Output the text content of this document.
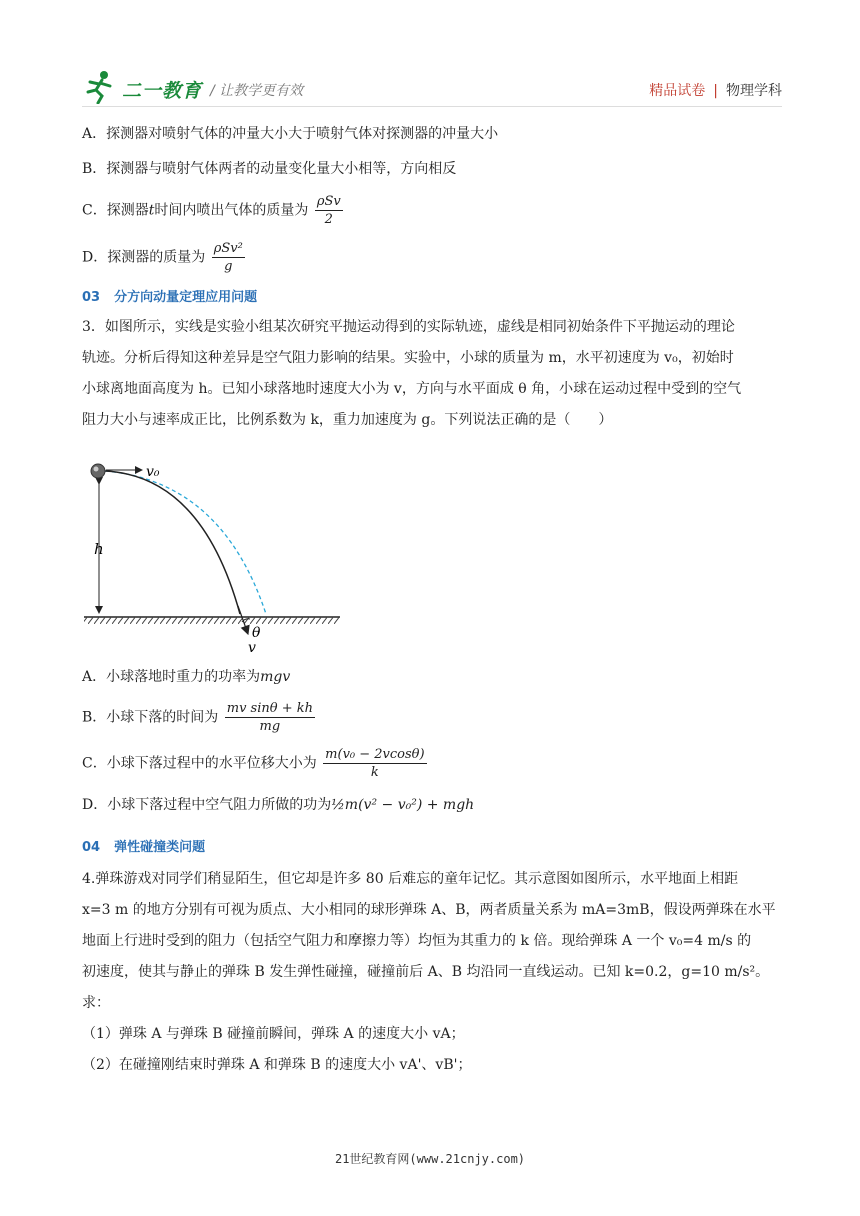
二一教育 / 让教学更有效	精品试卷 | 物理学科
A．探测器对喷射气体的冲量大小大于喷射气体对探测器的冲量大小
B．探测器与喷射气体两者的动量变化量大小相等，方向相反
C．探测器t时间内喷出气体的质量为 $\frac{\text{ρSv}}{2}$
D．探测器的质量为 $\frac{\text{ρSv²}}{g}$
03 分方向动量定理应用问题
3．如图所示，实线是实验小组某次研究平抛运动得到的实际轨迹，虚线是相同初始条件下平抛运动的理论
轨迹。分析后得知这种差异是空气阻力影响的结果。实验中，小球的质量为 m，水平初速度为 v₀，初始时
小球离地面高度为 h。已知小球落地时速度大小为 v，方向与水平面成 θ 角，小球在运动过程中受到的空气
阻力大小与速率成正比，比例系数为 k，重力加速度为 g。下列说法正确的是（　　）
h
v₀
θ
v
A．小球落地时重力的功率为mgv
B．小球下落的时间为 $\frac{\text{mv sinθ + kh}}{mg}$
C．小球下落过程中的水平位移大小为 $\frac{\text{m(v₀ − 2vcosθ)}}{k}$
D．小球下落过程中空气阻力所做的功为½m(v² − v₀²) + mgh
04 弹性碰撞类问题
4.弹珠游戏对同学们稍显陌生，但它却是许多 80 后难忘的童年记忆。其示意图如图所示，水平地面上相距
x=3 m 的地方分别有可视为质点、大小相同的球形弹珠 A、B，两者质量关系为 mA=3mB，假设两弹珠在水平
地面上行进时受到的阻力（包括空气阻力和摩擦力等）均恒为其重力的 k 倍。现给弹珠 A 一个 v₀=4 m/s 的
初速度，使其与静止的弹珠 B 发生弹性碰撞，碰撞前后 A、B 均沿同一直线运动。已知 k=0.2，g=10 m/s²。
求：
（1）弹珠 A 与弹珠 B 碰撞前瞬间，弹珠 A 的速度大小 vA；
（2）在碰撞刚结束时弹珠 A 和弹珠 B 的速度大小 vA'、vB'；
21世纪教育网(www.21cnjy.com)
